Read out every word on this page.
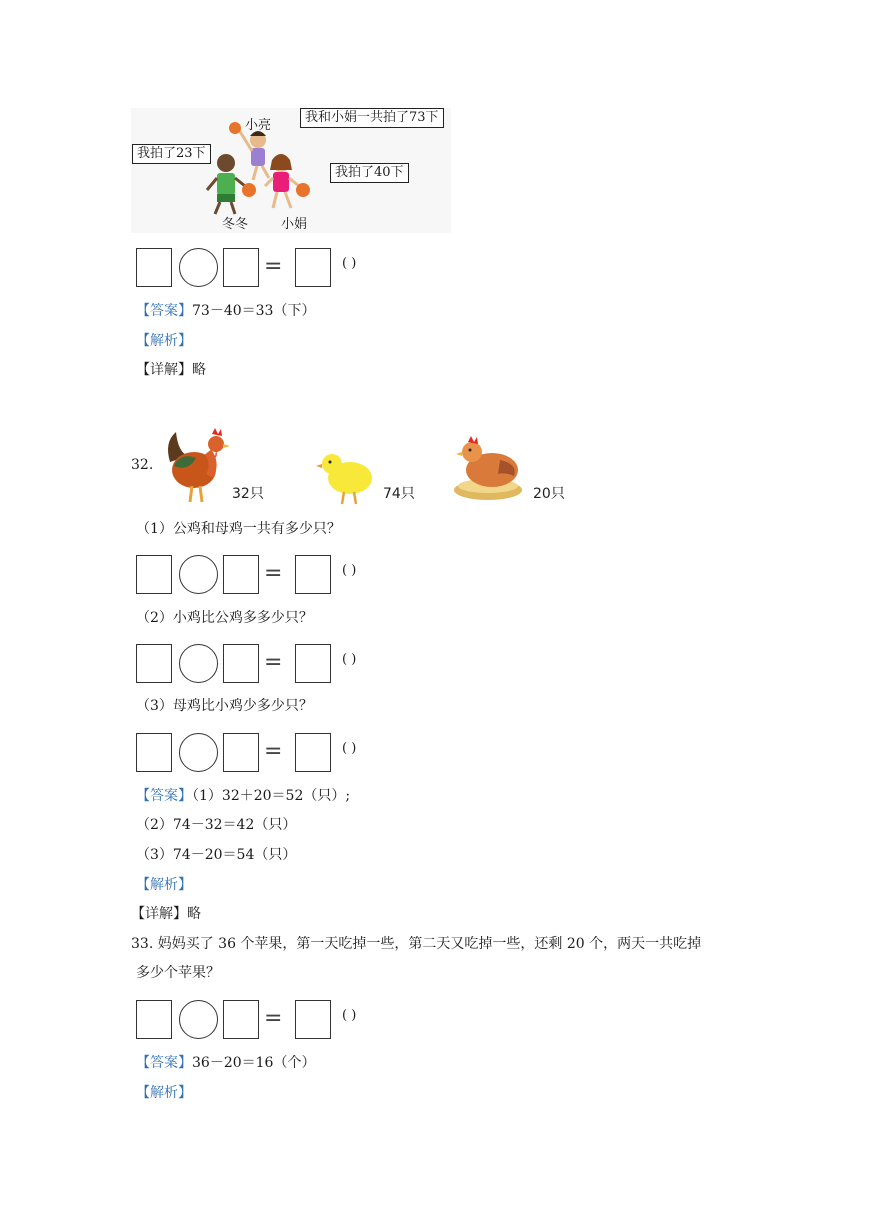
小亮
冬冬	小娟
我和小娟一共拍了73下
我拍了23下
我拍了40下
=	( )
【答案】73－40＝33（下）
【解析】
【详解】略
32.
32只	74只	20只
（1）公鸡和母鸡一共有多少只？
=	( )
（2）小鸡比公鸡多多少只？
=	( )
（3）母鸡比小鸡少多少只？
=	( )
【答案】（1）32＋20＝52（只）;
（2）74－32＝42（只）
（3）74－20＝54（只）
【解析】
【详解】略
33. 妈妈买了 36 个苹果，第一天吃掉一些，第二天又吃掉一些，还剩 20 个，两天一共吃掉
多少个苹果？
=	( )
【答案】36－20＝16（个）
【解析】
